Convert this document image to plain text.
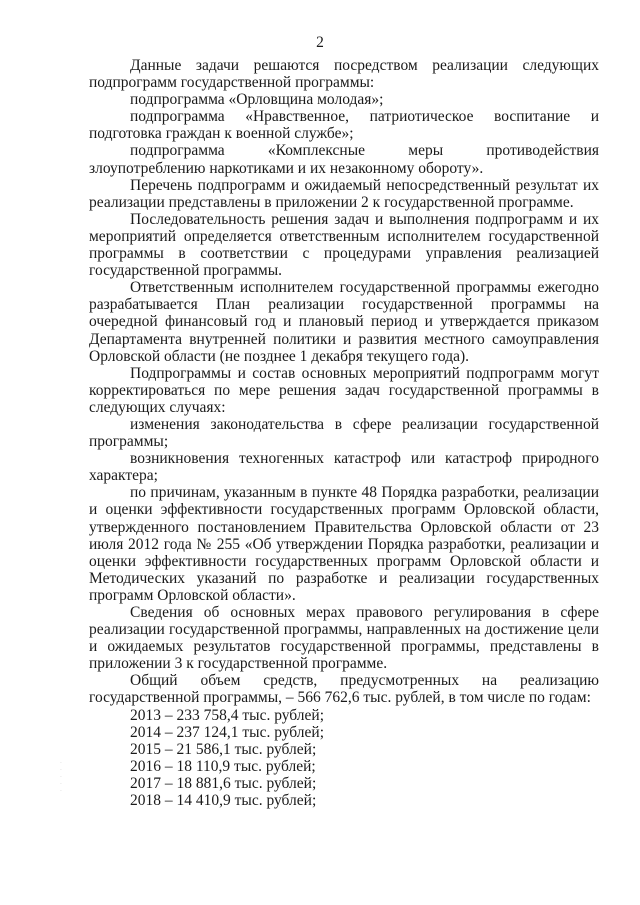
2

Данные задачи решаются посредством реализации следующих подпрограмм государственной программы:

подпрограмма «Орловщина молодая»;

подпрограмма «Нравственное, патриотическое воспитание и подготовка граждан к военной службе»;

подпрограмма «Комплексные меры противодействия злоупотреблению наркотиками и их незаконному обороту».

Перечень подпрограмм и ожидаемый непосредственный результат их реализации представлены в приложении 2 к государственной программе.

Последовательность решения задач и выполнения подпрограмм и их мероприятий определяется ответственным исполнителем государственной программы в соответствии с процедурами управления реализацией государственной программы.

Ответственным исполнителем государственной программы ежегодно разрабатывается План реализации государственной программы на очередной финансовый год и плановый период и утверждается приказом Департамента внутренней политики и развития местного самоуправления Орловской области (не позднее 1 декабря текущего года).

Подпрограммы и состав основных мероприятий подпрограмм могут корректироваться по мере решения задач государственной программы в следующих случаях:

изменения законодательства в сфере реализации государственной программы;

возникновения техногенных катастроф или катастроф природного характера;

по причинам, указанным в пункте 48 Порядка разработки, реализации и оценки эффективности государственных программ Орловской области, утвержденного постановлением Правительства Орловской области от 23 июля 2012 года № 255 «Об утверждении Порядка разработки, реализации и оценки эффективности государственных программ Орловской области и Методических указаний по разработке и реализации государственных программ Орловской области».

Сведения об основных мерах правового регулирования в сфере реализации государственной программы, направленных на достижение цели и ожидаемых результатов государственной программы, представлены в приложении 3 к государственной программе.

Общий объем средств, предусмотренных на реализацию государственной программы, – 566 762,6 тыс. рублей, в том числе по годам:

2013 – 233 758,4 тыс. рублей;

2014 – 237 124,1 тыс. рублей;

2015 – 21 586,1 тыс. рублей;

2016 – 18 110,9 тыс. рублей;

2017 – 18 881,6 тыс. рублей;

2018 – 14 410,9 тыс. рублей;

·
·
·
·
·
